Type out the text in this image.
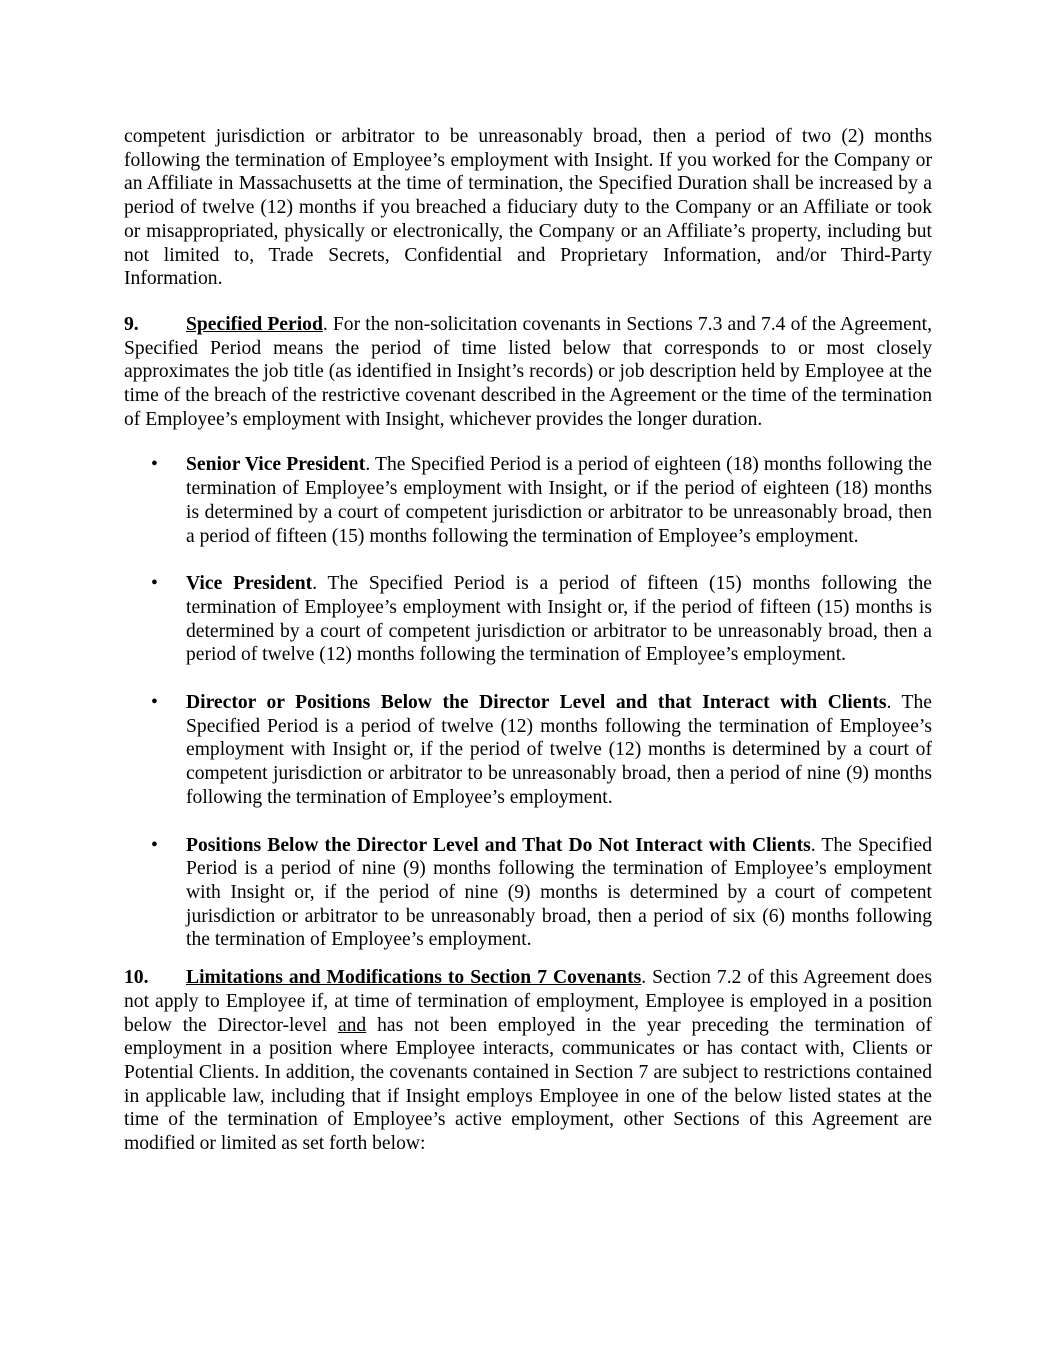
competent jurisdiction or arbitrator to be unreasonably broad, then a period of two (2) months following the termination of Employee’s employment with Insight. If you worked for the Company or an Affiliate in Massachusetts at the time of termination, the Specified Duration shall be increased by a period of twelve (12) months if you breached a fiduciary duty to the Company or an Affiliate or took or misappropriated, physically or electronically, the Company or an Affiliate’s property, including but not limited to, Trade Secrets, Confidential and Proprietary Information, and/or Third-Party Information.

9. Specified Period. For the non-solicitation covenants in Sections 7.3 and 7.4 of the Agreement, Specified Period means the period of time listed below that corresponds to or most closely approximates the job title (as identified in Insight’s records) or job description held by Employee at the time of the breach of the restrictive covenant described in the Agreement or the time of the termination of Employee’s employment with Insight, whichever provides the longer duration.

• Senior Vice President. The Specified Period is a period of eighteen (18) months following the termination of Employee’s employment with Insight, or if the period of eighteen (18) months is determined by a court of competent jurisdiction or arbitrator to be unreasonably broad, then a period of fifteen (15) months following the termination of Employee’s employment.
• Vice President. The Specified Period is a period of fifteen (15) months following the termination of Employee’s employment with Insight or, if the period of fifteen (15) months is determined by a court of competent jurisdiction or arbitrator to be unreasonably broad, then a period of twelve (12) months following the termination of Employee’s employment.
• Director or Positions Below the Director Level and that Interact with Clients. The Specified Period is a period of twelve (12) months following the termination of Employee’s employment with Insight or, if the period of twelve (12) months is determined by a court of competent jurisdiction or arbitrator to be unreasonably broad, then a period of nine (9) months following the termination of Employee’s employment.
• Positions Below the Director Level and That Do Not Interact with Clients. The Specified Period is a period of nine (9) months following the termination of Employee’s employment with Insight or, if the period of nine (9) months is determined by a court of competent jurisdiction or arbitrator to be unreasonably broad, then a period of six (6) months following the termination of Employee’s employment.

10. Limitations and Modifications to Section 7 Covenants. Section 7.2 of this Agreement does not apply to Employee if, at time of termination of employment, Employee is employed in a position below the Director-level and has not been employed in the year preceding the termination of employment in a position where Employee interacts, communicates or has contact with, Clients or Potential Clients. In addition, the covenants contained in Section 7 are subject to restrictions contained in applicable law, including that if Insight employs Employee in one of the below listed states at the time of the termination of Employee’s active employment, other Sections of this Agreement are modified or limited as set forth below:
